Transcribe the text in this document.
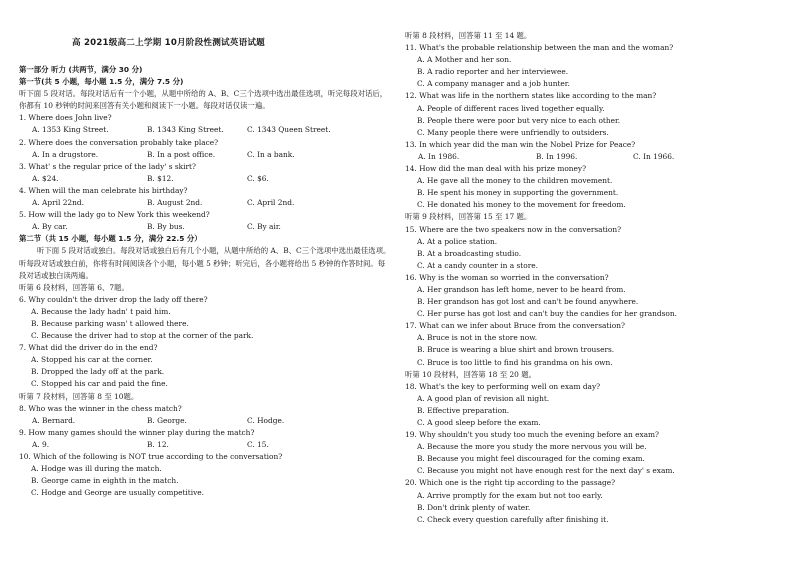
高 2021级高二上学期 10月阶段性测试英语试题
第一部分 听力 (共两节，满分 30 分)
第一节(共 5 小题，每小题 1.5 分，满分 7.5 分)
听下面 5 段对话。每段对话后有一个小题，从题中所给的 A、B、C三个选项中选出最佳选项，听完每段对话后，你都有 10 秒钟的时间来回答有关小题和阅读下一小题。每段对话仅读一遍。
1. Where does John live?
A. 1353 King Street.	B. 1343 King Street.	C. 1343 Queen Street.
2. Where does the conversation probably take place?
A. In a drugstore.	B. In a post office.	C. In a bank.
3. What' s the regular price of the lady' s skirt?
A. $24.	B. $12.	C. $6.
4. When will the man celebrate his birthday?
A. April 22nd.	B. August 2nd.	C. April 2nd.
5. How will the lady go to New York this weekend?
A. By car.	B. By bus.	C. By air.
第二节（共 15 小题，每小题 1.5 分，满分 22.5 分）
听下面 5 段对话或独白。每段对话或独白后有几个小题，从题中所给的 A、B、C三个选项中选出最佳选项。听每段对话或独白前，你将有时间阅读各个小题，每小题 5 秒钟；听完后，各小题将给出 5 秒钟的作答时间。每段对话或独白读两遍。
听第 6 段材料，回答第 6、7题。
6. Why couldn't the driver drop the lady off there?
A. Because the lady hadn' t paid him.
B. Because parking wasn' t allowed there.
C. Because the driver had to stop at the corner of the park.
7. What did the driver do in the end?
A. Stopped his car at the corner.
B. Dropped the lady off at the park.
C. Stopped his car and paid the fine.
听第 7 段材料，回答第 8 至 10题。
8. Who was the winner in the chess match?
A. Bernard.	B. George.	C. Hodge.
9. How many games should the winner play during the match?
A. 9.	B. 12.	C. 15.
10. Which of the following is NOT true according to the conversation?
A. Hodge was ill during the match.
B. George came in eighth in the match.
C. Hodge and George are usually competitive.
听第 8 段材料，回答第 11 至 14 题。
11. What's the probable relationship between the man and the woman?
A. A Mother and her son.
B. A radio reporter and her interviewee.
C. A company manager and a job hunter.
12. What was life in the northern states like according to the man?
A. People of different races lived together equally.
B. People there were poor but very nice to each other.
C. Many people there were unfriendly to outsiders.
13. In which year did the man win the Nobel Prize for Peace?
A. In 1986.	B. In 1996.	C. In 1966.
14. How did the man deal with his prize money?
A. He gave all the money to the children movement.
B. He spent his money in supporting the government.
C. He donated his money to the movement for freedom.
听第 9 段材料，回答第 15 至 17 题。
15. Where are the two speakers now in the conversation?
A. At a police station.
B. At a broadcasting studio.
C. At a candy counter in a store.
16. Why is the woman so worried in the conversation?
A. Her grandson has left home, never to be heard from.
B. Her grandson has got lost and can't be found anywhere.
C. Her purse has got lost and can't buy the candies for her grandson.
17. What can we infer about Bruce from the conversation?
A. Bruce is not in the store now.
B. Bruce is wearing a blue shirt and brown trousers.
C. Bruce is too little to find his grandma on his own.
听第 10 段材料，回答第 18 至 20 题。
18. What's the key to performing well on exam day?
A. A good plan of revision all night.
B. Effective preparation.
C. A good sleep before the exam.
19. Why shouldn't you study too much the evening before an exam?
A. Because the more you study the more nervous you will be.
B. Because you might feel discouraged for the coming exam.
C. Because you might not have enough rest for the next day' s exam.
20. Which one is the right tip according to the passage?
A. Arrive promptly for the exam but not too early.
B. Don't drink plenty of water.
C. Check every question carefully after finishing it.
